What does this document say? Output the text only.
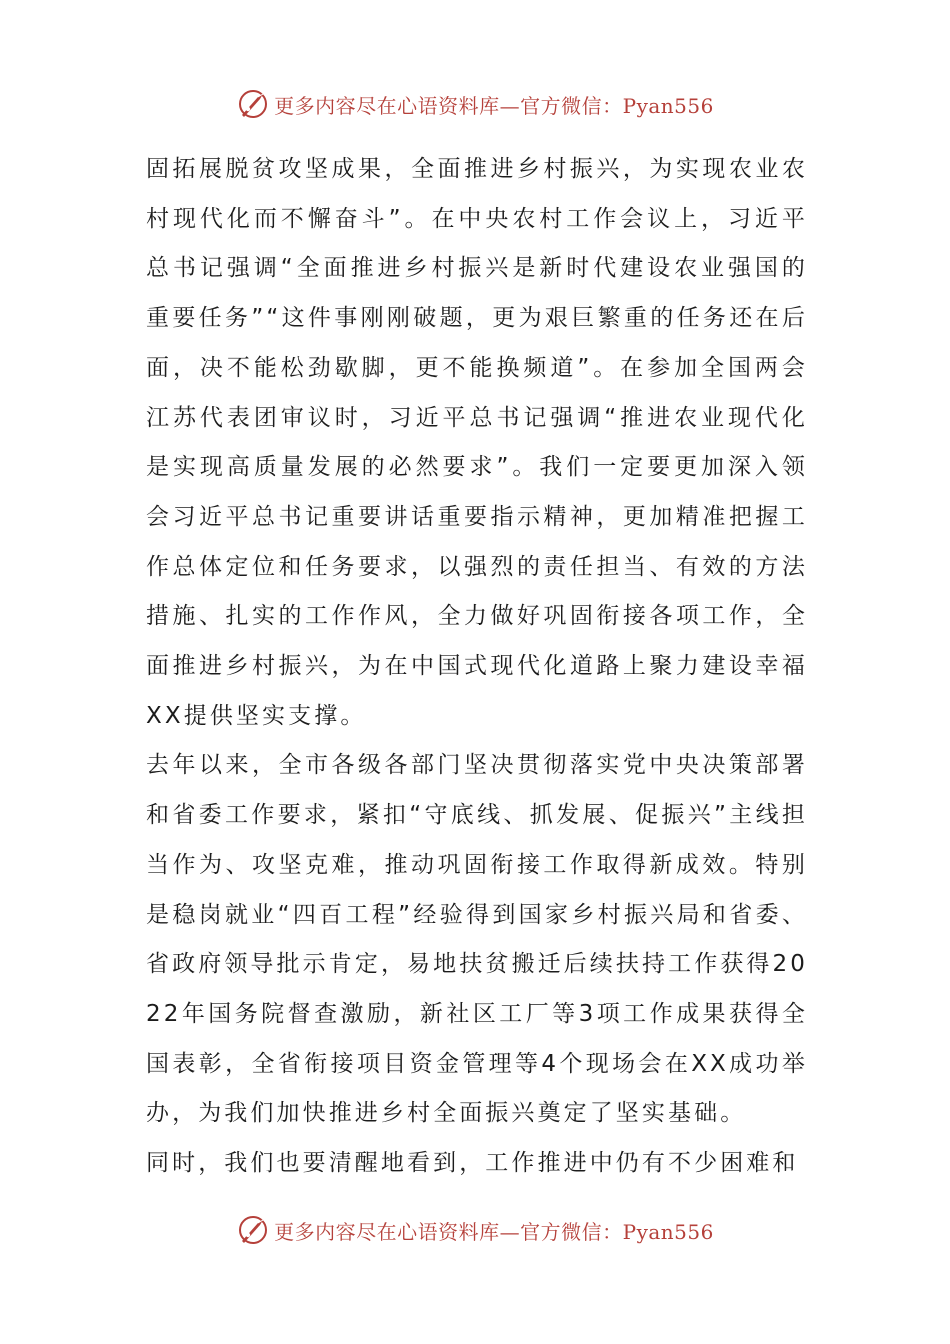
更多内容尽在心语资料库—官方微信：Pyan556

固拓展脱贫攻坚成果，全面推进乡村振兴，为实现农业农村现代化而不懈奋斗”。在中央农村工作会议上，习近平总书记强调“全面推进乡村振兴是新时代建设农业强国的重要任务”“这件事刚刚破题，更为艰巨繁重的任务还在后面，决不能松劲歇脚，更不能换频道”。在参加全国两会江苏代表团审议时，习近平总书记强调“推进农业现代化是实现高质量发展的必然要求”。我们一定要更加深入领会习近平总书记重要讲话重要指示精神，更加精准把握工作总体定位和任务要求，以强烈的责任担当、有效的方法措施、扎实的工作作风，全力做好巩固衔接各项工作，全面推进乡村振兴，为在中国式现代化道路上聚力建设幸福XX提供坚实支撑。

去年以来，全市各级各部门坚决贯彻落实党中央决策部署和省委工作要求，紧扣“守底线、抓发展、促振兴”主线担当作为、攻坚克难，推动巩固衔接工作取得新成效。特别是稳岗就业“四百工程”经验得到国家乡村振兴局和省委、省政府领导批示肯定，易地扶贫搬迁后续扶持工作获得2022年国务院督查激励，新社区工厂等3项工作成果获得全国表彰，全省衔接项目资金管理等4个现场会在XX成功举办，为我们加快推进乡村全面振兴奠定了坚实基础。

同时，我们也要清醒地看到，工作推进中仍有不少困难和

更多内容尽在心语资料库—官方微信：Pyan556
